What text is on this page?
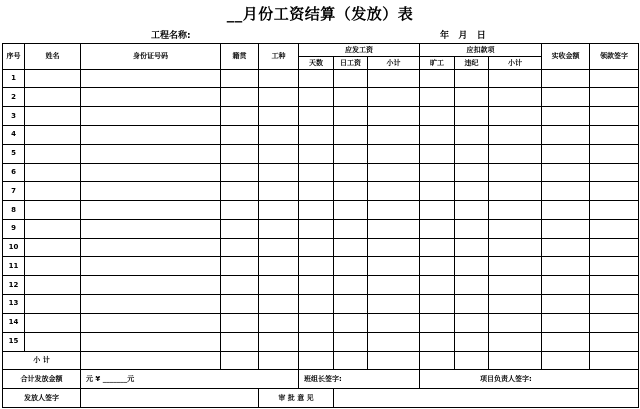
__月份工资结算（发放）表
工程名称:	年   月   日
序号	姓名	身份证号码	籍贯	工种	应发工资			应扣款项			实收金额	领款签字
					天数	日工资	小计	旷工	违纪	小计		
1												
2												
3												
4												
5												
6												
7												
8												
9												
10												
11												
12												
13												
14												
15												
小 计												
合计发放金额		元 ¥ _______元			班组长签字:			项目负责人签字:				
发放人签字				审 批 意 见								
